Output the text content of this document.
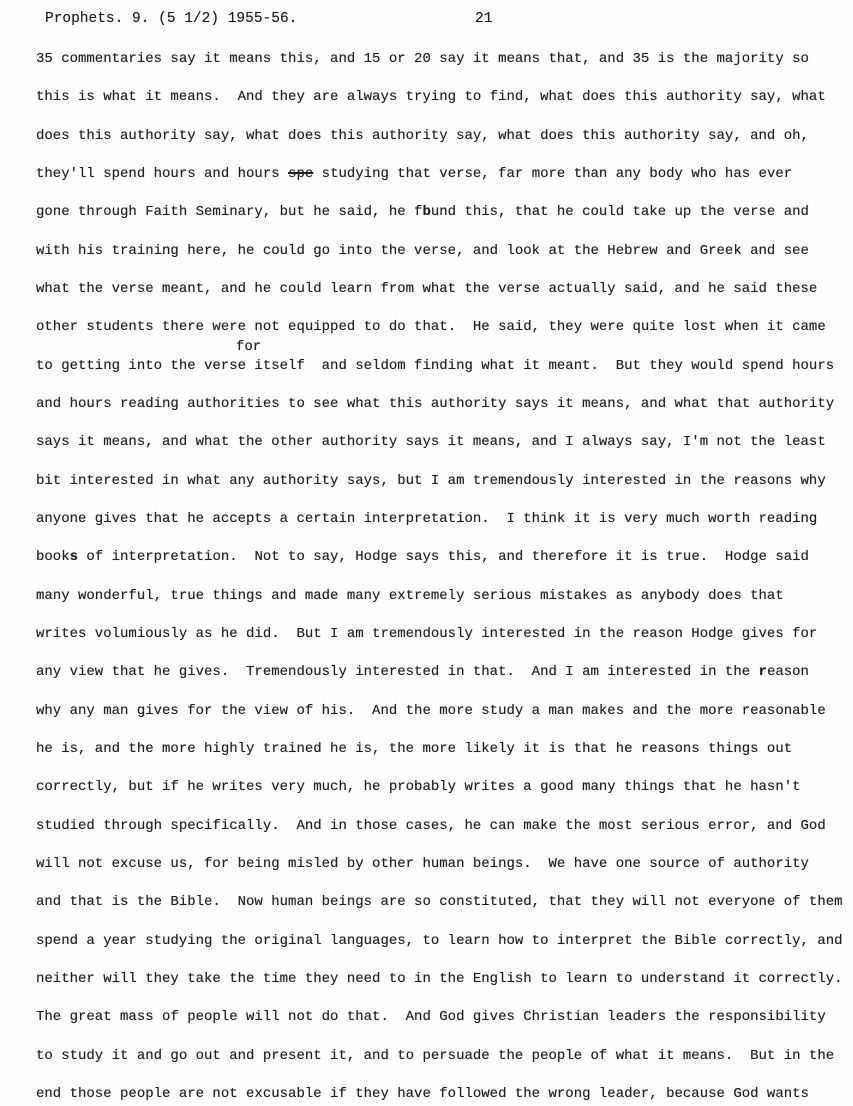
Prophets. 9. (5 1/2) 1955-56.	21
35 commentaries say it means this, and 15 or 20 say it means that, and 35 is the majority so
this is what it means.  And they are always trying to find, what does this authority say, what
does this authority say, what does this authority say, what does this authority say, and oh,
they'll spend hours and hours spe studying that verse, far more than any body who has ever
gone through Faith Seminary, but he said, he fbund this, that he could take up the verse and
with his training here, he could go into the verse, and look at the Hebrew and Greek and see
what the verse meant, and he could learn from what the verse actually said, and he said these
other students there were not equipped to do that.  He said, they were quite lost when it came
for
to getting into the verse itself  and seldom finding what it meant.  But they would spend hours
and hours reading authorities to see what this authority says it means, and what that authority
says it means, and what the other authority says it means, and I always say, I'm not the least
bit interested in what any authority says, but I am tremendously interested in the reasons why
anyone gives that he accepts a certain interpretation.  I think it is very much worth reading
books of interpretation.  Not to say, Hodge says this, and therefore it is true.  Hodge said
many wonderful, true things and made many extremely serious mistakes as anybody does that
writes volumiously as he did.  But I am tremendously interested in the reason Hodge gives for
any view that he gives.  Tremendously interested in that.  And I am interested in the reason
why any man gives for the view of his.  And the more study a man makes and the more reasonable
he is, and the more highly trained he is, the more likely it is that he reasons things out
correctly, but if he writes very much, he probably writes a good many things that he hasn't
studied through specifically.  And in those cases, he can make the most serious error, and God
will not excuse us, for being misled by other human beings.  We have one source of authority
and that is the Bible.  Now human beings are so constituted, that they will not everyone of them
spend a year studying the original languages, to learn how to interpret the Bible correctly, and
neither will they take the time they need to in the English to learn to understand it correctly.
The great mass of people will not do that.  And God gives Christian leaders the responsibility
to study it and go out and present it, and to persuade the people of what it means.  But in the
end those people are not excusable if they have followed the wrong leader, because God wants
